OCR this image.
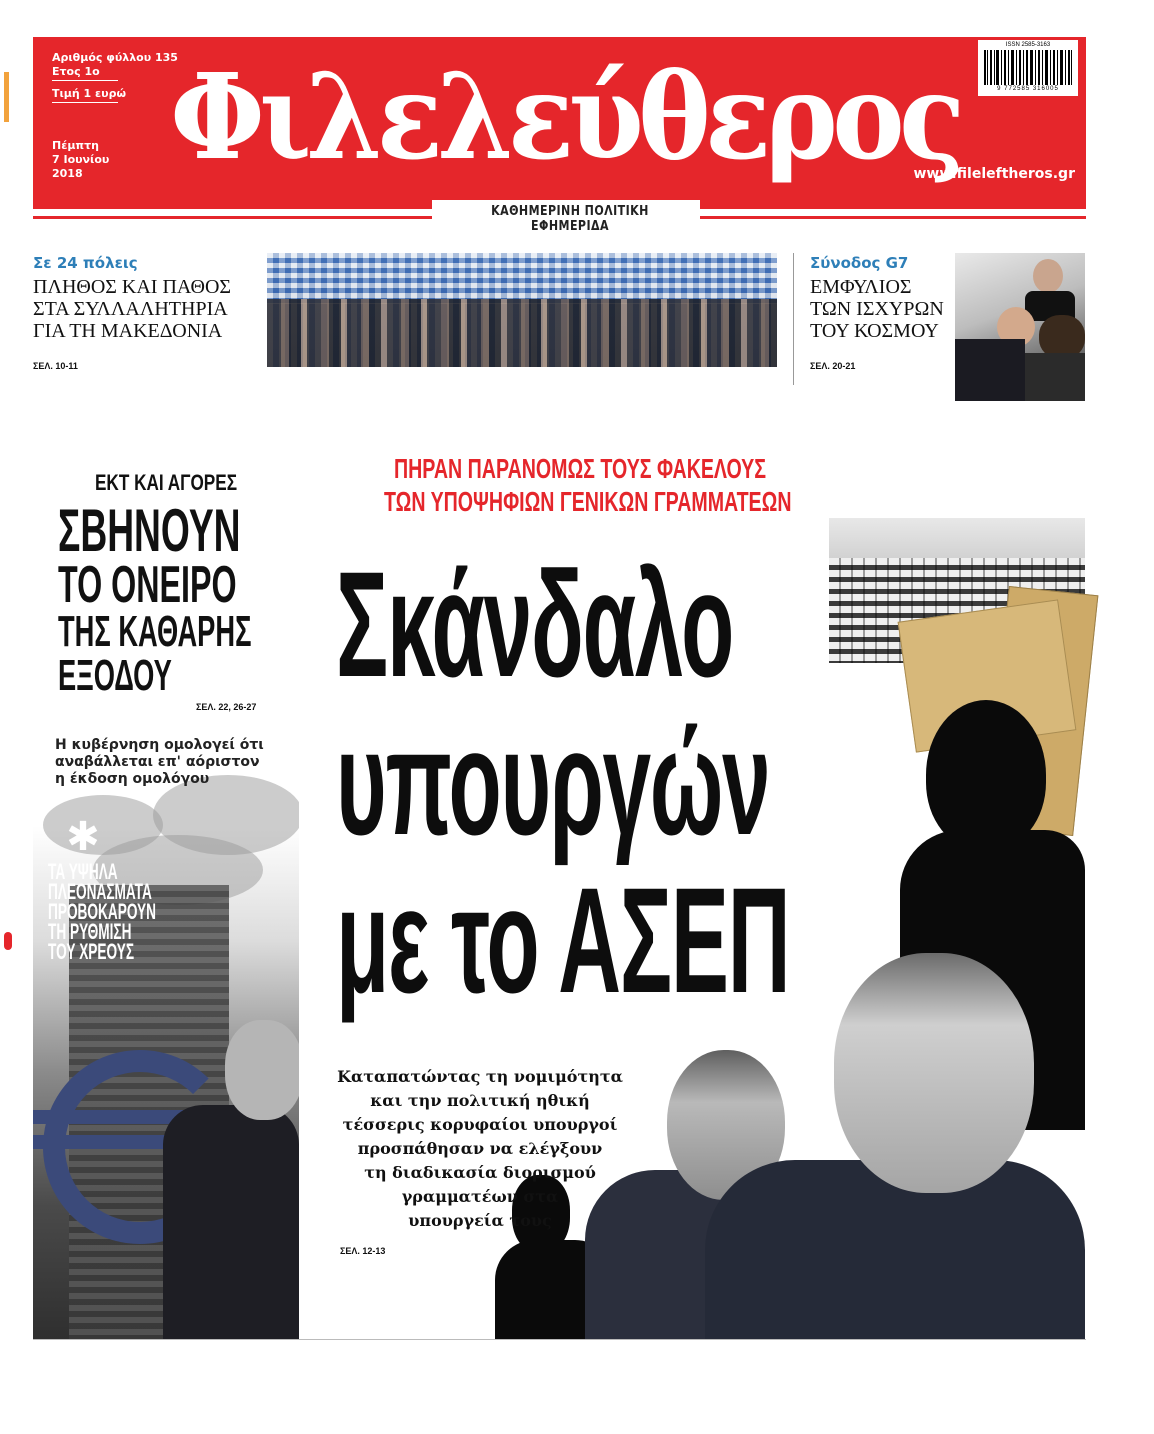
Αριθμός φύλλου 135
Ετος 1ο
Τιμή 1 ευρώ
Πέμπτη
7 Ιουνίου
2018 Φιλελεύθερος
ΚΑΘΗΜΕΡΙΝΗ ΠΟΛΙΤΙΚΗ ΕΦΗΜΕΡΙΔΑ
www.fileleftheros.gr
ISSN 2585-3163
9 772585 316005
Σε 24 πόλεις
ΠΛΗΘΟΣ ΚΑΙ ΠΑΘΟΣ
ΣΤΑ ΣΥΛΛΑΛΗΤΗΡΙΑ
ΓΙΑ ΤΗ ΜΑΚΕΔΟΝΙΑ
ΣΕΛ. 10-11
Σύνοδος G7
ΕΜΦΥΛΙΟΣ
ΤΩΝ ΙΣΧΥΡΩΝ
ΤΟΥ ΚΟΣΜΟΥ
ΣΕΛ. 20-21
✱
ΕΚΤ ΚΑΙ ΑΓΟΡΕΣ
ΣΒΗΝΟΥΝ
ΤΟ ΟΝΕΙΡΟ
ΤΗΣ ΚΑΘΑΡΗΣ
ΕΞΟΔΟΥ
ΣΕΛ. 22, 26-27
Η κυβέρνηση ομολογεί ότι
αναβάλλεται επ' αόριστον
η έκδοση ομολόγου
ΤΑ ΥΨΗΛΑ
ΠΛΕΟΝΑΣΜΑΤΑ
ΠΡΟΒΟΚΑΡΟΥΝ
ΤΗ ΡΥΘΜΙΣΗ
ΤΟΥ ΧΡΕΟΥΣ
ΠΗΡΑΝ ΠΑΡΑΝΟΜΩΣ ΤΟΥΣ ΦΑΚΕΛΟΥΣ
ΤΩΝ ΥΠΟΨΗΦΙΩΝ ΓΕΝΙΚΩΝ ΓΡΑΜΜΑΤΕΩΝ
Σκάνδαλο
υπουργών
με το ΑΣΕΠ
Καταπατώντας τη νομιμότητα
και την πολιτική ηθική
τέσσερις κορυφαίοι υπουργοί
προσπάθησαν να ελέγξουν
τη διαδικασία διορισμού
γραμματέων στα
υπουργεία τους
ΣΕΛ. 12-13
